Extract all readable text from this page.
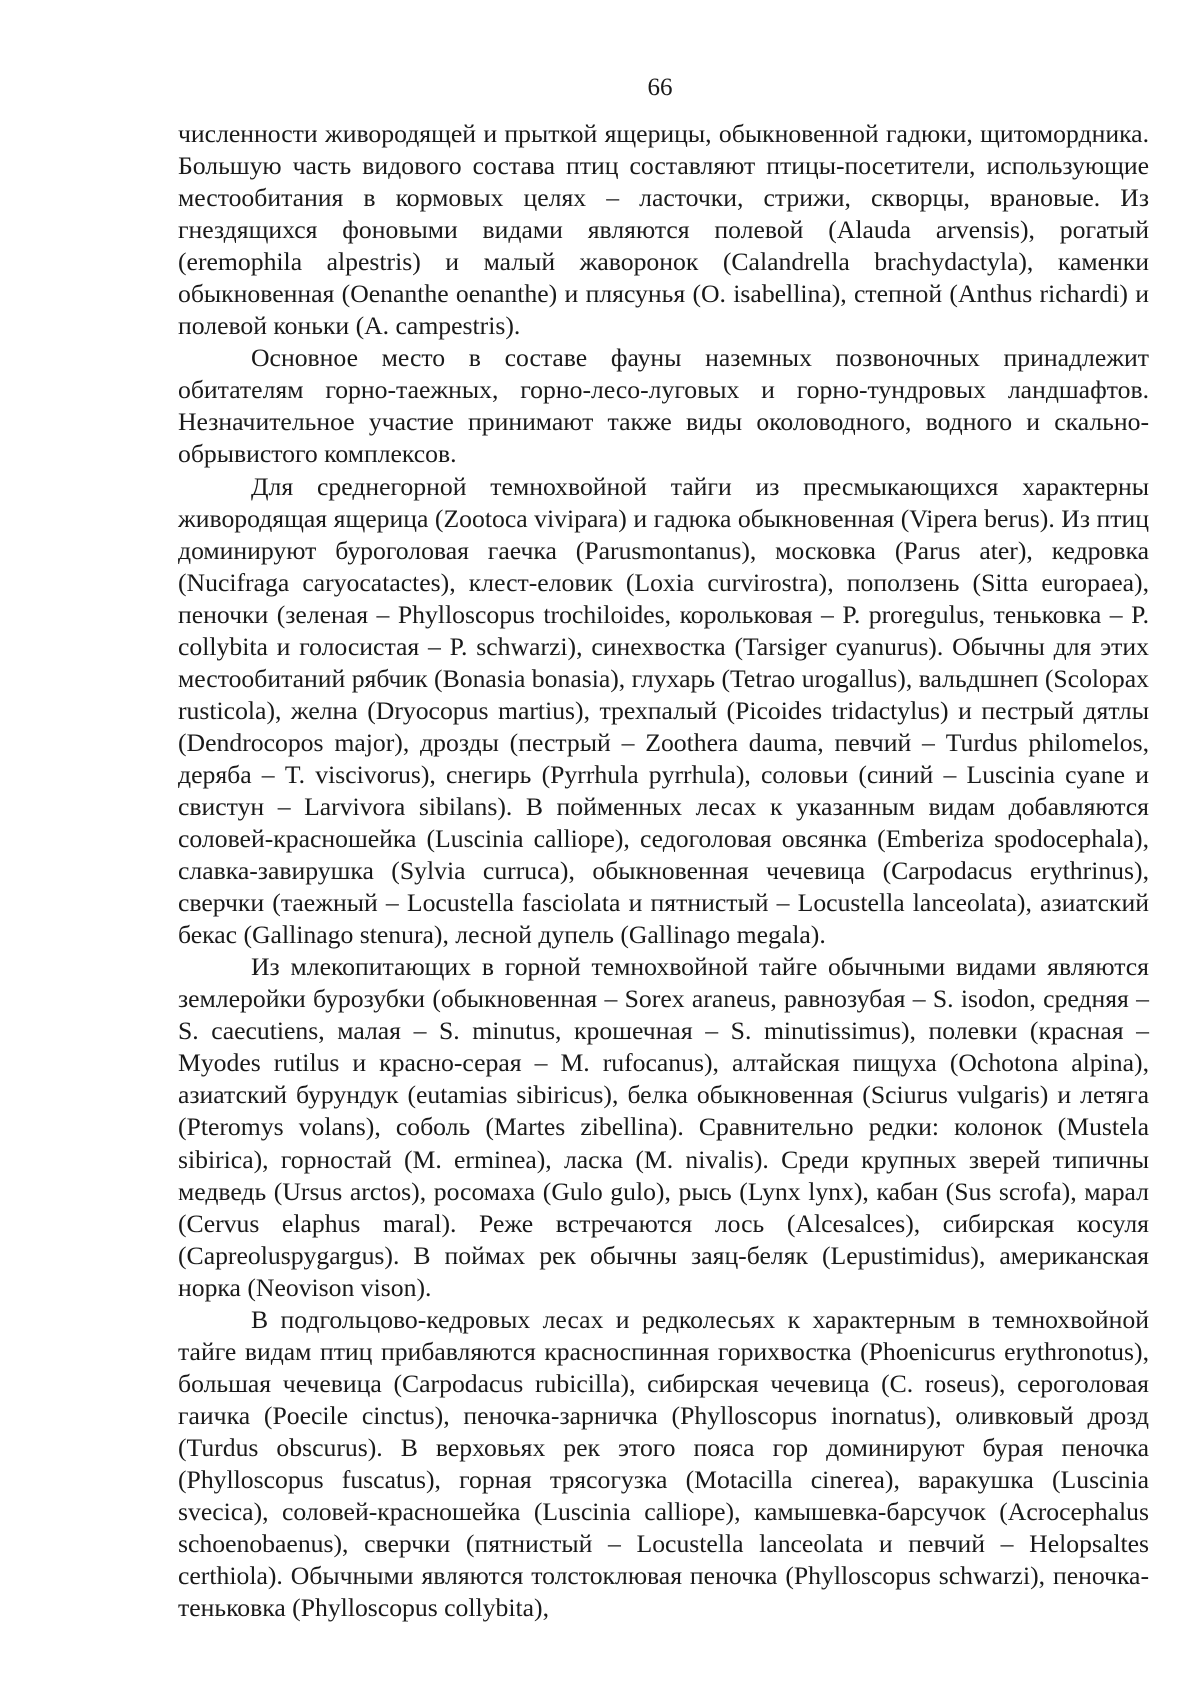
66

численности живородящей и прыткой ящерицы, обыкновенной гадюки, щитомордника. Большую часть видового состава птиц составляют птицы-посетители, использующие местообитания в кормовых целях – ласточки, стрижи, скворцы, врановые. Из гнездящихся фоновыми видами являются полевой (Alauda arvensis), рогатый (eremophila alpestris) и малый жаворонок (Calandrella brachydactyla), каменки обыкновенная (Oenanthe oenanthe) и плясунья (O. isabellina), степной (Anthus richardi) и полевой коньки (A. campestris).

Основное место в составе фауны наземных позвоночных принадлежит обитателям горно-таежных, горно-лесо-луговых и горно-тундровых ландшафтов. Незначительное участие принимают также виды околоводного, водного и скально-обрывистого комплексов.

Для среднегорной темнохвойной тайги из пресмыкающихся характерны живородящая ящерица (Zootoca vivipara) и гадюка обыкновенная (Vipera berus). Из птиц доминируют буроголовая гаечка (Parusmontanus), московка (Parus ater), кедровка (Nucifraga caryocatactes), клест-еловик (Loxia curvirostra), поползень (Sitta europaea), пеночки (зеленая – Phylloscopus trochiloides, корольковая – P. proregulus, теньковка – P. collybita и голосистая – P. schwarzi), синехвостка (Tarsiger cyanurus). Обычны для этих местообитаний рябчик (Bonasia bonasia), глухарь (Tetrao urogallus), вальдшнеп (Scolopax rusticola), желна (Dryocopus martius), трехпалый (Picoides tridactylus) и пестрый дятлы (Dendrocopos major), дрозды (пестрый – Zoothera dauma, певчий – Turdus philomelos, деряба – T. viscivorus), снегирь (Pyrrhula pyrrhula), соловьи (синий – Luscinia cyane и свистун – Larvivora sibilans). В пойменных лесах к указанным видам добавляются соловей-красношейка (Luscinia calliope), седоголовая овсянка (Emberiza spodocephala), славка-завирушка (Sylvia curruca), обыкновенная чечевица (Carpodacus erythrinus), сверчки (таежный – Locustella fasciolata и пятнистый – Locustella lanceolata), азиатский бекас (Gallinago stenura), лесной дупель (Gallinago megala).

Из млекопитающих в горной темнохвойной тайге обычными видами являются землеройки бурозубки (обыкновенная – Sorex araneus, равнозубая – S. isodon, средняя – S. caecutiens, малая – S. minutus, крошечная – S. minutissimus), полевки (красная – Myodes rutilus и красно-серая – M. rufocanus), алтайская пищуха (Ochotona alpina), азиатский бурундук (eutamias sibiricus), белка обыкновенная (Sciurus vulgaris) и летяга (Pteromys volans), соболь (Martes zibellina). Сравнительно редки: колонок (Mustela sibirica), горностай (M. erminea), ласка (M. nivalis). Среди крупных зверей типичны медведь (Ursus arctos), росомаха (Gulo gulo), рысь (Lynx lynx), кабан (Sus scrofa), марал (Cervus elaphus maral). Реже встречаются лось (Alcesalces), сибирская косуля (Capreoluspygargus). В поймах рек обычны заяц-беляк (Lepustimidus), американская норка (Neovison vison).

В подгольцово-кедровых лесах и редколесьях к характерным в темнохвойной тайге видам птиц прибавляются красноспинная горихвостка (Phoenicurus erythronotus), большая чечевица (Carpodacus rubicilla), сибирская чечевица (C. roseus), сероголовая гаичка (Poecile cinctus), пеночка-зарничка (Phylloscopus inornatus), оливковый дрозд (Turdus obscurus). В верховьях рек этого пояса гор доминируют бурая пеночка (Phylloscopus fuscatus), горная трясогузка (Motacilla cinerea), варакушка (Luscinia svecica), соловей-красношейка (Luscinia calliope), камышевка-барсучок (Acrocephalus schoenobaenus), сверчки (пятнистый – Locustella lanceolata и певчий – Helopsaltes certhiola). Обычными являются толстоклювая пеночка (Phylloscopus schwarzi), пеночка-теньковка (Phylloscopus collybita),
